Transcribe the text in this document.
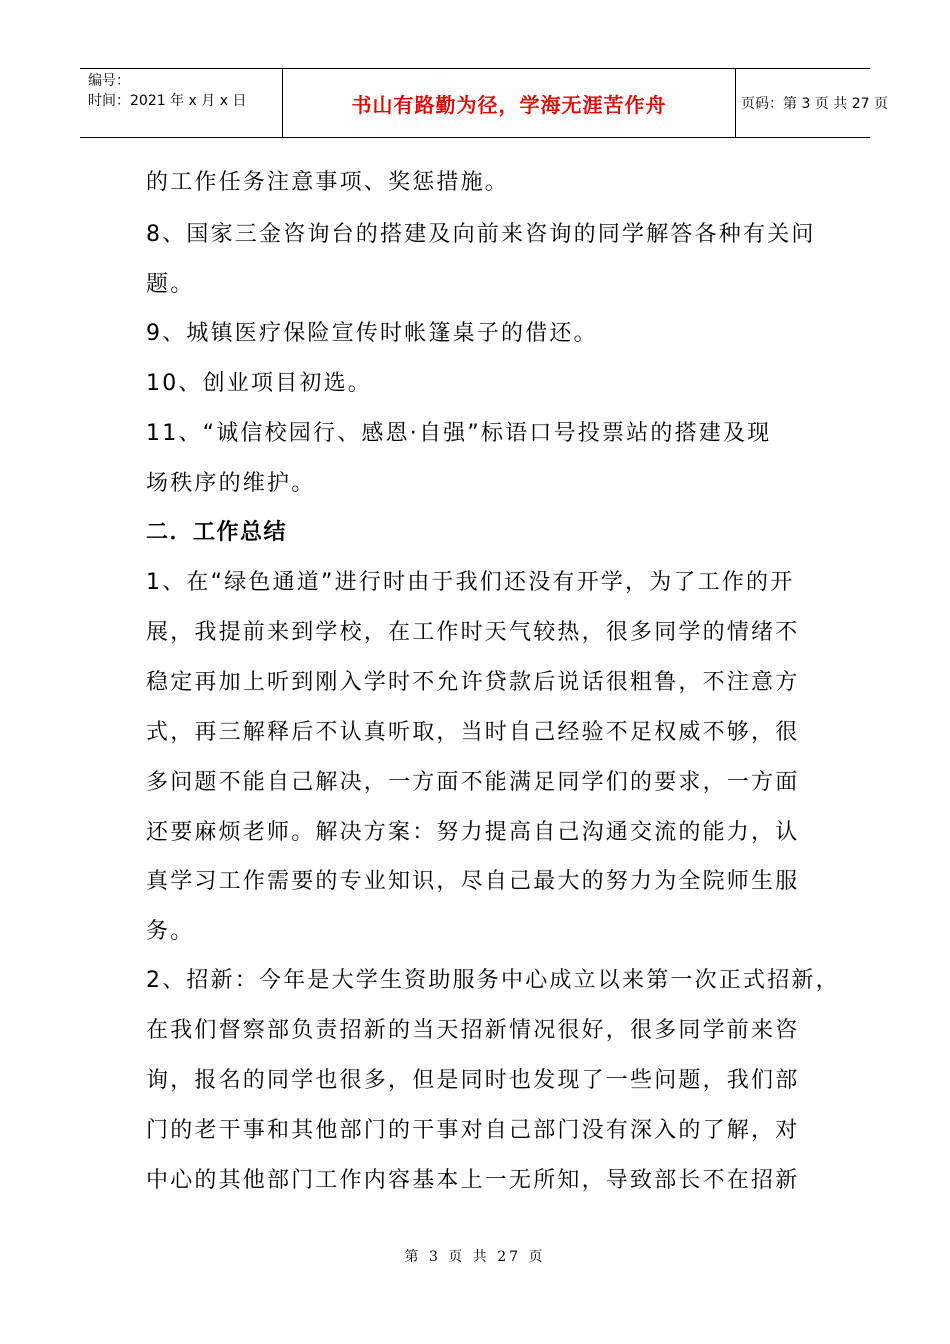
编号：
时间：2021 年 x 月 x 日	书山有路勤为径，学海无涯苦作舟	页码：第 3 页 共 27 页
的工作任务注意事项、奖惩措施。
8、国家三金咨询台的搭建及向前来咨询的同学解答各种有关问
题。
9、城镇医疗保险宣传时帐篷桌子的借还。
10、创业项目初选。
11、“诚信校园行、感恩·自强”标语口号投票站的搭建及现
场秩序的维护。
二．工作总结
1、在“绿色通道”进行时由于我们还没有开学，为了工作的开
展，我提前来到学校，在工作时天气较热，很多同学的情绪不
稳定再加上听到刚入学时不允许贷款后说话很粗鲁，不注意方
式，再三解释后不认真听取，当时自己经验不足权威不够，很
多问题不能自己解决，一方面不能满足同学们的要求，一方面
还要麻烦老师。解决方案：努力提高自己沟通交流的能力，认
真学习工作需要的专业知识，尽自己最大的努力为全院师生服
务。
2、招新：今年是大学生资助服务中心成立以来第一次正式招新，
在我们督察部负责招新的当天招新情况很好，很多同学前来咨
询，报名的同学也很多，但是同时也发现了一些问题，我们部
门的老干事和其他部门的干事对自己部门没有深入的了解，对
中心的其他部门工作内容基本上一无所知，导致部长不在招新
第 3 页 共 27 页
